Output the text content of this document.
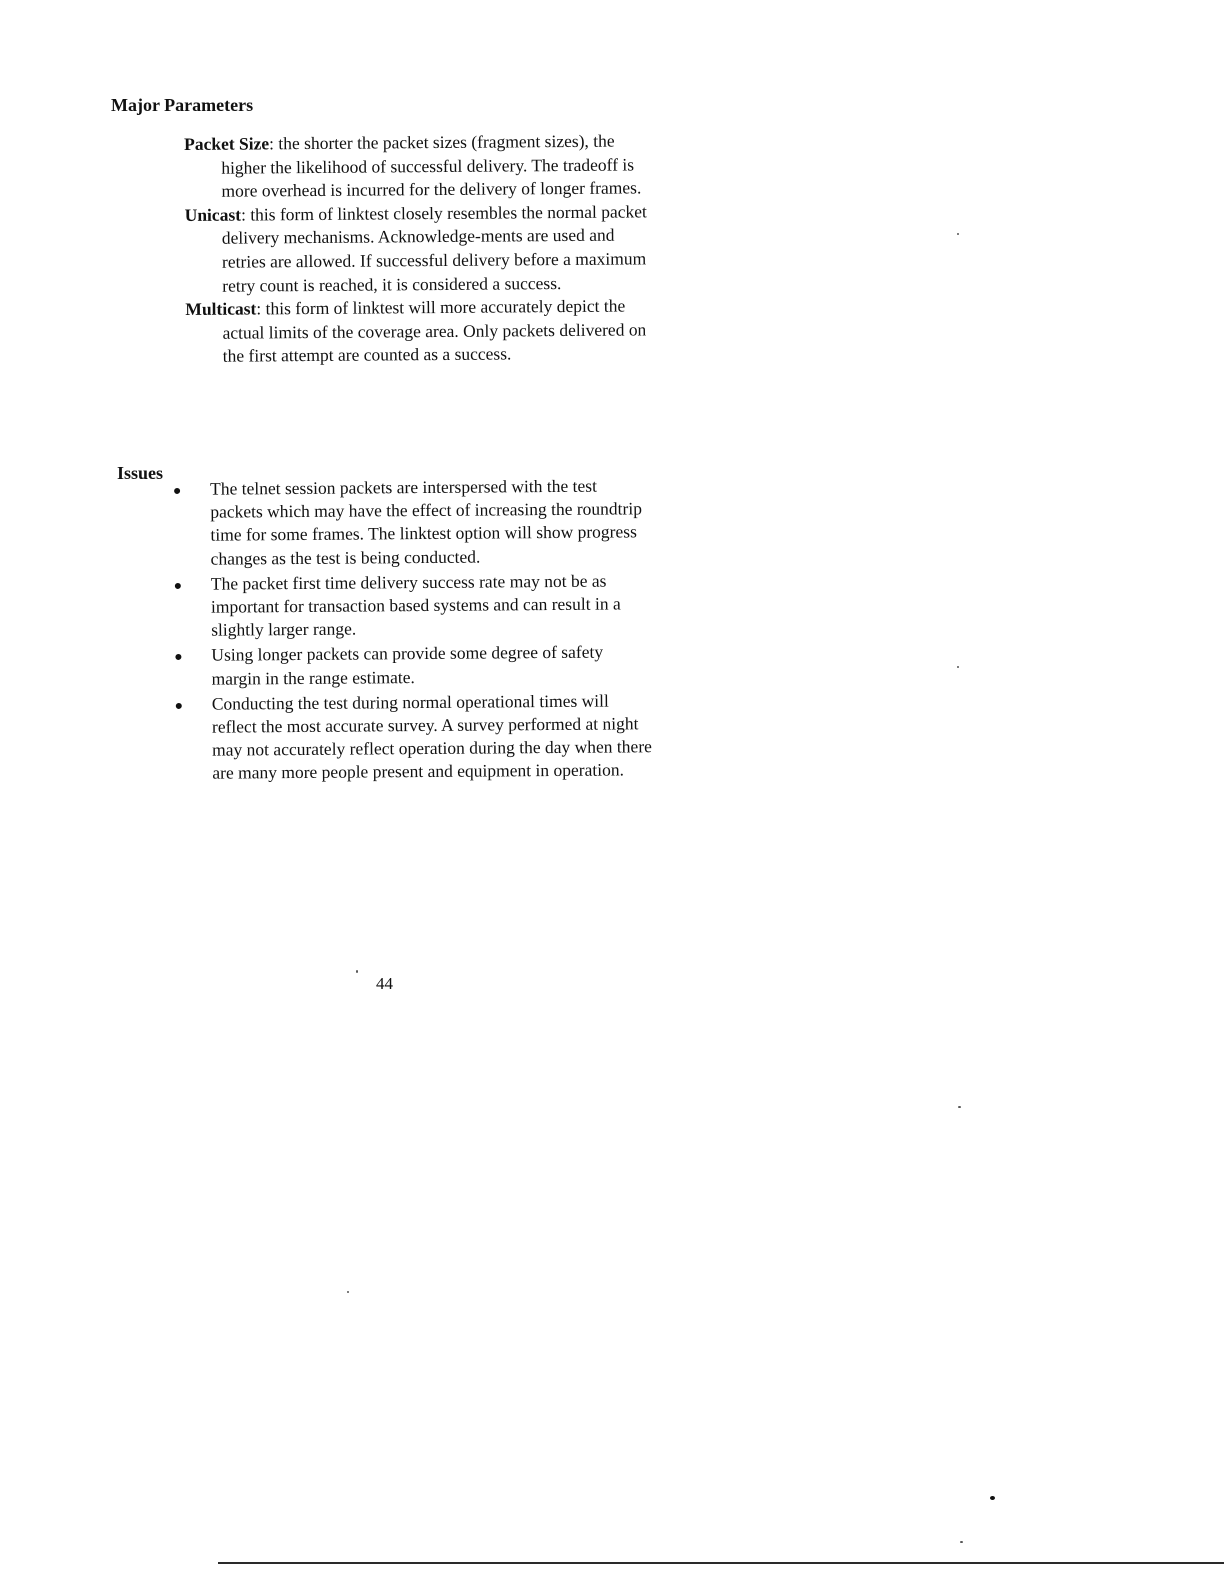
Major Parameters

Packet Size: the shorter the packet sizes (fragment sizes), the higher the likelihood of successful delivery. The tradeoff is more overhead is incurred for the delivery of longer frames.

Unicast: this form of linktest closely resembles the normal packet delivery mechanisms. Acknowledge-ments are used and retries are allowed. If successful delivery before a maximum retry count is reached, it is considered a success.

Multicast: this form of linktest will more accurately depict the actual limits of the coverage area. Only packets delivered on the first attempt are counted as a success.

Issues
The telnet session packets are interspersed with the test packets which may have the effect of increasing the roundtrip time for some frames. The linktest option will show progress changes as the test is being conducted.
The packet first time delivery success rate may not be as important for transaction based systems and can result in a slightly larger range.
Using longer packets can provide some degree of safety margin in the range estimate.
Conducting the test during normal operational times will reflect the most accurate survey. A survey performed at night may not accurately reflect operation during the day when there are many more people present and equipment in operation.
44
